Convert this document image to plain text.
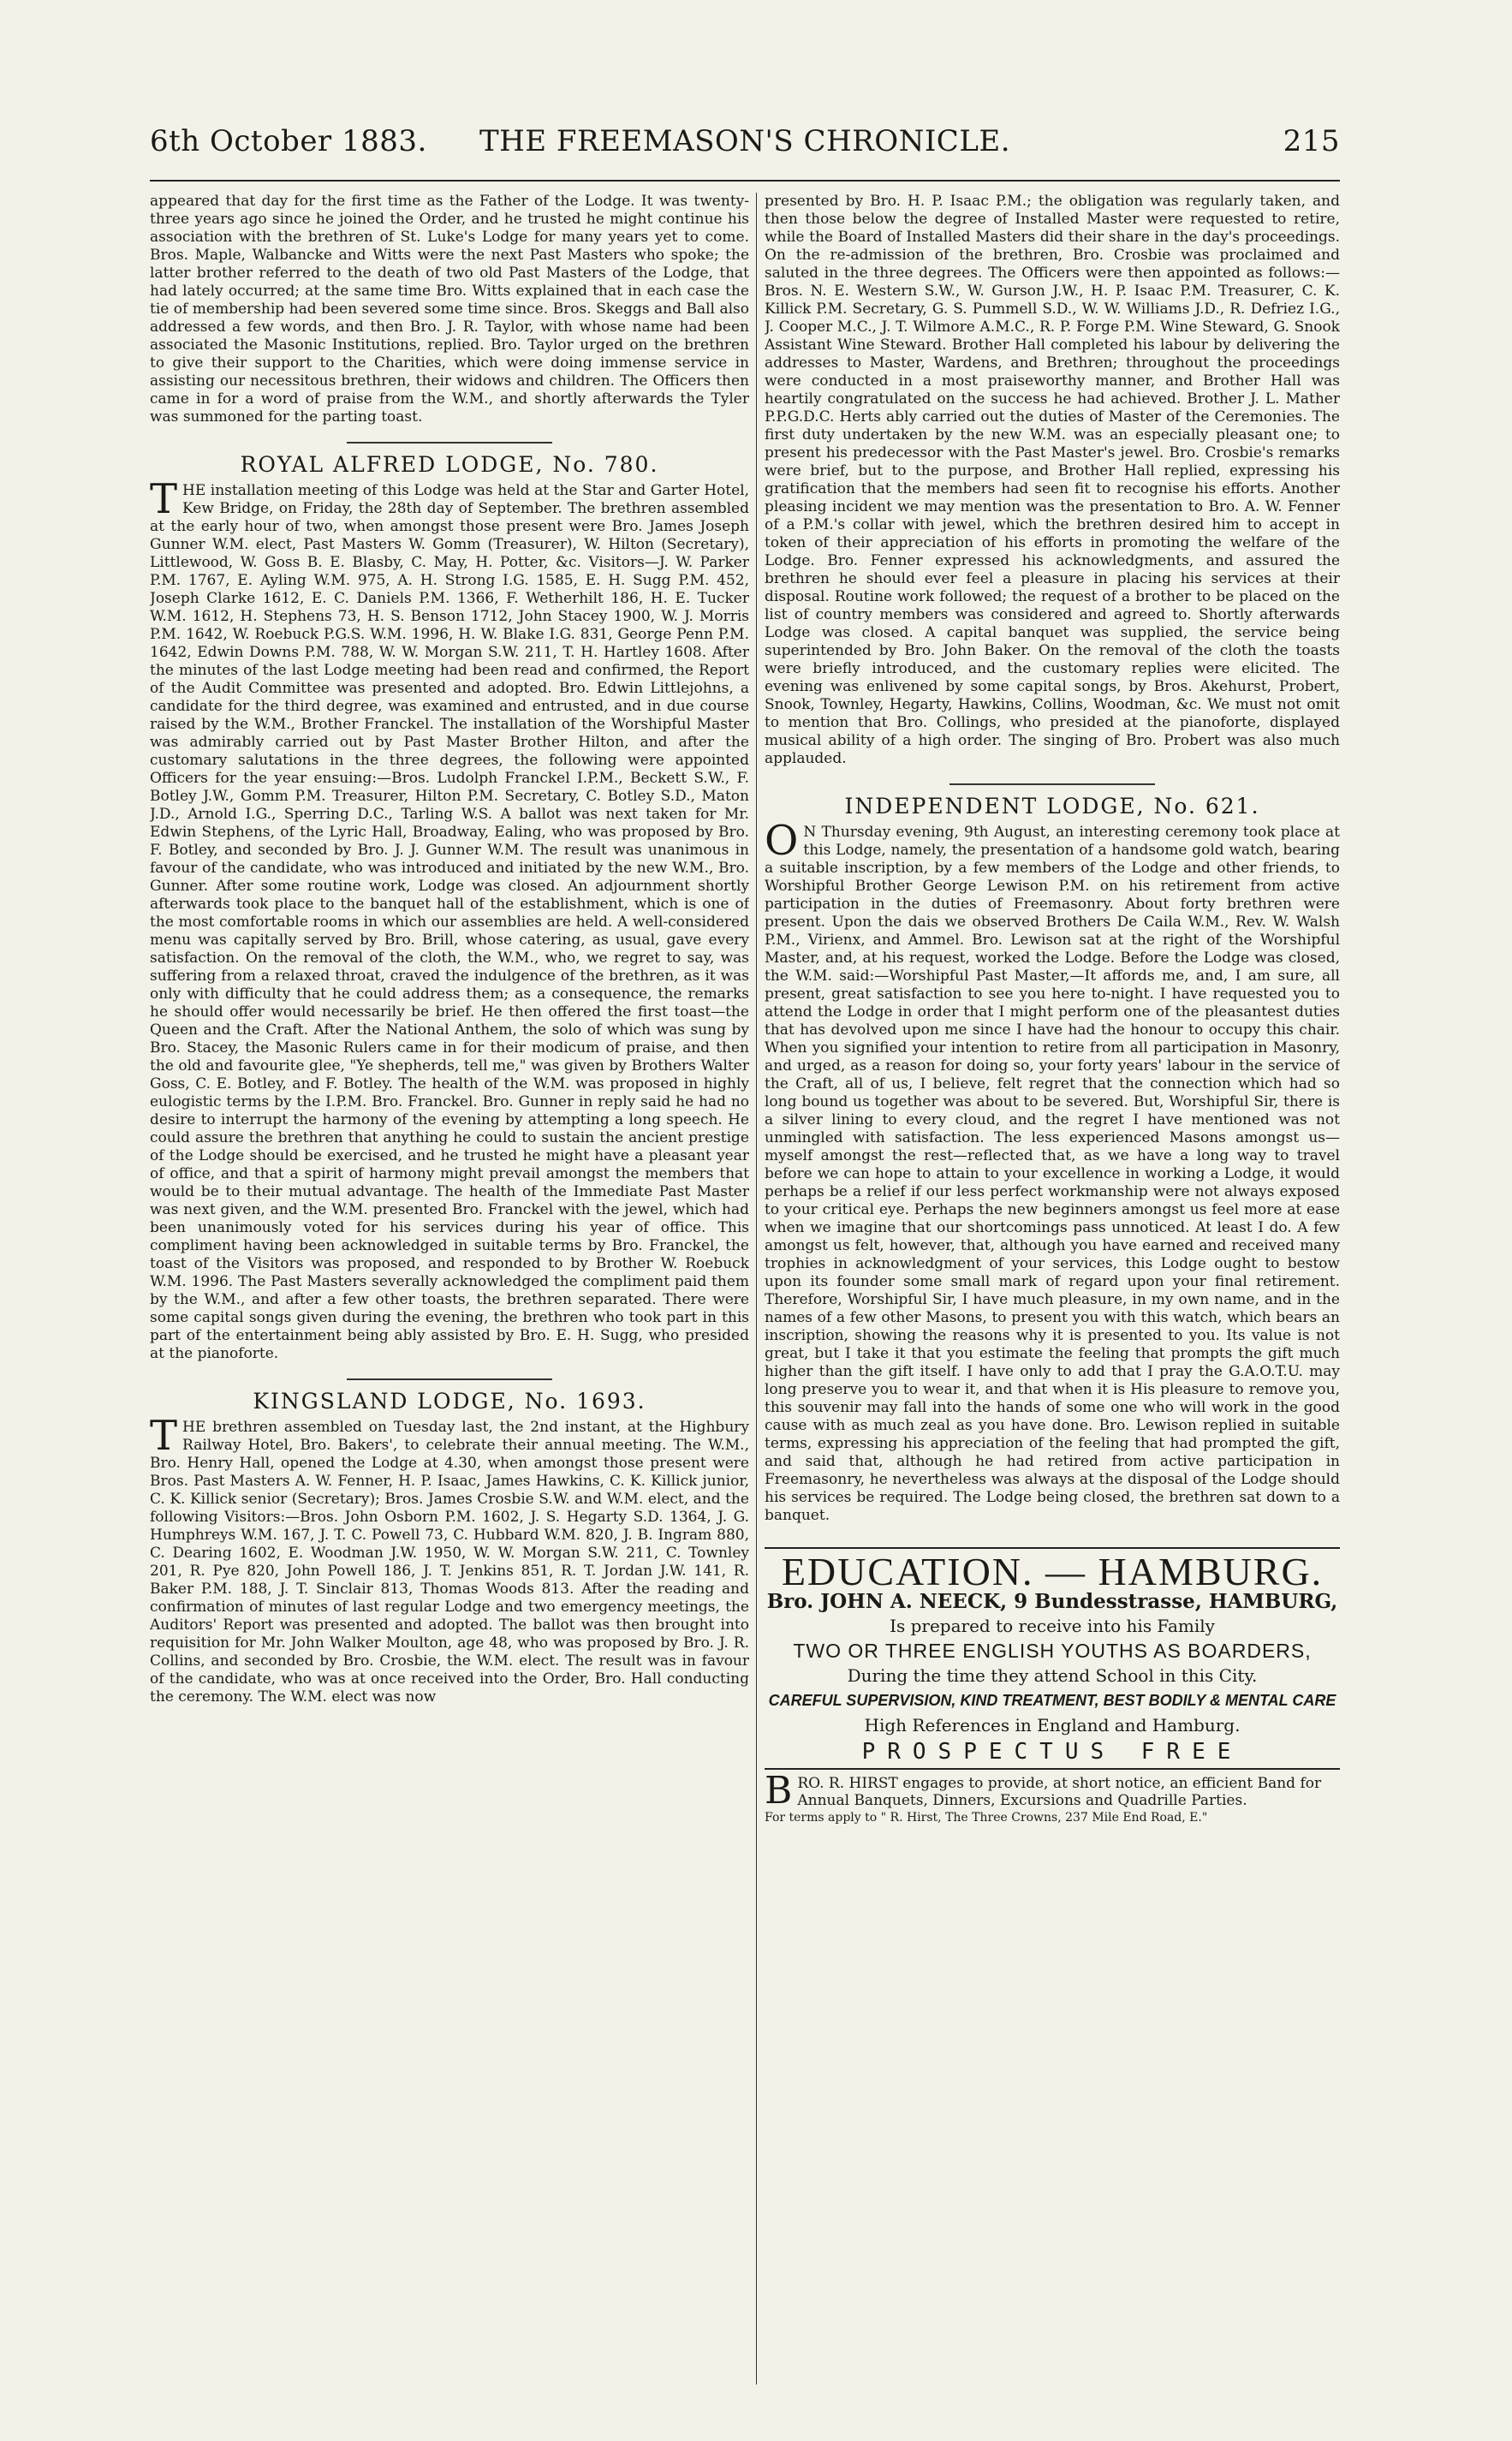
6th October 1883.	THE FREEMASON'S CHRONICLE.	215

appeared that day for the first time as the Father of the Lodge. It was twenty-three years ago since he joined the Order, and he trusted he might continue his association with the brethren of St. Luke's Lodge for many years yet to come. Bros. Maple, Walbancke and Witts were the next Past Masters who spoke; the latter brother referred to the death of two old Past Masters of the Lodge, that had lately occurred; at the same time Bro. Witts explained that in each case the tie of membership had been severed some time since. Bros. Skeggs and Ball also addressed a few words, and then Bro. J. R. Taylor, with whose name had been associated the Masonic Institutions, replied. Bro. Taylor urged on the brethren to give their support to the Charities, which were doing immense service in assisting our necessitous brethren, their widows and children. The Officers then came in for a word of praise from the W.M., and shortly afterwards the Tyler was summoned for the parting toast.

ROYAL ALFRED LODGE, No. 780.

THE installation meeting of this Lodge was held at the Star and Garter Hotel, Kew Bridge, on Friday, the 28th day of September. The brethren assembled at the early hour of two, when amongst those present were Bro. James Joseph Gunner W.M. elect, Past Masters W. Gomm (Treasurer), W. Hilton (Secretary), Littlewood, W. Goss B. E. Blasby, C. May, H. Potter, &c. Visitors—J. W. Parker P.M. 1767, E. Ayling W.M. 975, A. H. Strong I.G. 1585, E. H. Sugg P.M. 452, Joseph Clarke 1612, E. C. Daniels P.M. 1366, F. Wetherhilt 186, H. E. Tucker W.M. 1612, H. Stephens 73, H. S. Benson 1712, John Stacey 1900, W. J. Morris P.M. 1642, W. Roebuck P.G.S. W.M. 1996, H. W. Blake I.G. 831, George Penn P.M. 1642, Edwin Downs P.M. 788, W. W. Morgan S.W. 211, T. H. Hartley 1608. After the minutes of the last Lodge meeting had been read and confirmed, the Report of the Audit Committee was presented and adopted. Bro. Edwin Littlejohns, a candidate for the third degree, was examined and entrusted, and in due course raised by the W.M., Brother Franckel. The installation of the Worshipful Master was admirably carried out by Past Master Brother Hilton, and after the customary salutations in the three degrees, the following were appointed Officers for the year ensuing:—Bros. Ludolph Franckel I.P.M., Beckett S.W., F. Botley J.W., Gomm P.M. Treasurer, Hilton P.M. Secretary, C. Botley S.D., Maton J.D., Arnold I.G., Sperring D.C., Tarling W.S. A ballot was next taken for Mr. Edwin Stephens, of the Lyric Hall, Broadway, Ealing, who was proposed by Bro. F. Botley, and seconded by Bro. J. J. Gunner W.M. The result was unanimous in favour of the candidate, who was introduced and initiated by the new W.M., Bro. Gunner. After some routine work, Lodge was closed. An adjournment shortly afterwards took place to the banquet hall of the establishment, which is one of the most comfortable rooms in which our assemblies are held. A well-considered menu was capitally served by Bro. Brill, whose catering, as usual, gave every satisfaction. On the removal of the cloth, the W.M., who, we regret to say, was suffering from a relaxed throat, craved the indulgence of the brethren, as it was only with difficulty that he could address them; as a consequence, the remarks he should offer would necessarily be brief. He then offered the first toast—the Queen and the Craft. After the National Anthem, the solo of which was sung by Bro. Stacey, the Masonic Rulers came in for their modicum of praise, and then the old and favourite glee, "Ye shepherds, tell me," was given by Brothers Walter Goss, C. E. Botley, and F. Botley. The health of the W.M. was proposed in highly eulogistic terms by the I.P.M. Bro. Franckel. Bro. Gunner in reply said he had no desire to interrupt the harmony of the evening by attempting a long speech. He could assure the brethren that anything he could to sustain the ancient prestige of the Lodge should be exercised, and he trusted he might have a pleasant year of office, and that a spirit of harmony might prevail amongst the members that would be to their mutual advantage. The health of the Immediate Past Master was next given, and the W.M. presented Bro. Franckel with the jewel, which had been unanimously voted for his services during his year of office. This compliment having been acknowledged in suitable terms by Bro. Franckel, the toast of the Visitors was proposed, and responded to by Brother W. Roebuck W.M. 1996. The Past Masters severally acknowledged the compliment paid them by the W.M., and after a few other toasts, the brethren separated. There were some capital songs given during the evening, the brethren who took part in this part of the entertainment being ably assisted by Bro. E. H. Sugg, who presided at the pianoforte.

KINGSLAND LODGE, No. 1693.

THE brethren assembled on Tuesday last, the 2nd instant, at the Highbury Railway Hotel, Bro. Bakers', to celebrate their annual meeting. The W.M., Bro. Henry Hall, opened the Lodge at 4.30, when amongst those present were Bros. Past Masters A. W. Fenner, H. P. Isaac, James Hawkins, C. K. Killick junior, C. K. Killick senior (Secretary); Bros. James Crosbie S.W. and W.M. elect, and the following Visitors:—Bros. John Osborn P.M. 1602, J. S. Hegarty S.D. 1364, J. G. Humphreys W.M. 167, J. T. C. Powell 73, C. Hubbard W.M. 820, J. B. Ingram 880, C. Dearing 1602, E. Woodman J.W. 1950, W. W. Morgan S.W. 211, C. Townley 201, R. Pye 820, John Powell 186, J. T. Jenkins 851, R. T. Jordan J.W. 141, R. Baker P.M. 188, J. T. Sinclair 813, Thomas Woods 813. After the reading and confirmation of minutes of last regular Lodge and two emergency meetings, the Auditors' Report was presented and adopted. The ballot was then brought into requisition for Mr. John Walker Moulton, age 48, who was proposed by Bro. J. R. Collins, and seconded by Bro. Crosbie, the W.M. elect. The result was in favour of the candidate, who was at once received into the Order, Bro. Hall conducting the ceremony. The W.M. elect was now

presented by Bro. H. P. Isaac P.M.; the obligation was regularly taken, and then those below the degree of Installed Master were requested to retire, while the Board of Installed Masters did their share in the day's proceedings. On the re-admission of the brethren, Bro. Crosbie was proclaimed and saluted in the three degrees. The Officers were then appointed as follows:—Bros. N. E. Western S.W., W. Gurson J.W., H. P. Isaac P.M. Treasurer, C. K. Killick P.M. Secretary, G. S. Pummell S.D., W. W. Williams J.D., R. Defriez I.G., J. Cooper M.C., J. T. Wilmore A.M.C., R. P. Forge P.M. Wine Steward, G. Snook Assistant Wine Steward. Brother Hall completed his labour by delivering the addresses to Master, Wardens, and Brethren; throughout the proceedings were conducted in a most praiseworthy manner, and Brother Hall was heartily congratulated on the success he had achieved. Brother J. L. Mather P.P.G.D.C. Herts ably carried out the duties of Master of the Ceremonies. The first duty undertaken by the new W.M. was an especially pleasant one; to present his predecessor with the Past Master's jewel. Bro. Crosbie's remarks were brief, but to the purpose, and Brother Hall replied, expressing his gratification that the members had seen fit to recognise his efforts. Another pleasing incident we may mention was the presentation to Bro. A. W. Fenner of a P.M.'s collar with jewel, which the brethren desired him to accept in token of their appreciation of his efforts in promoting the welfare of the Lodge. Bro. Fenner expressed his acknowledgments, and assured the brethren he should ever feel a pleasure in placing his services at their disposal. Routine work followed; the request of a brother to be placed on the list of country members was considered and agreed to. Shortly afterwards Lodge was closed. A capital banquet was supplied, the service being superintended by Bro. John Baker. On the removal of the cloth the toasts were briefly introduced, and the customary replies were elicited. The evening was enlivened by some capital songs, by Bros. Akehurst, Probert, Snook, Townley, Hegarty, Hawkins, Collins, Woodman, &c. We must not omit to mention that Bro. Collings, who presided at the pianoforte, displayed musical ability of a high order. The singing of Bro. Probert was also much applauded.

INDEPENDENT LODGE, No. 621.

ON Thursday evening, 9th August, an interesting ceremony took place at this Lodge, namely, the presentation of a handsome gold watch, bearing a suitable inscription, by a few members of the Lodge and other friends, to Worshipful Brother George Lewison P.M. on his retirement from active participation in the duties of Freemasonry. About forty brethren were present. Upon the dais we observed Brothers De Caila W.M., Rev. W. Walsh P.M., Virienx, and Ammel. Bro. Lewison sat at the right of the Worshipful Master, and, at his request, worked the Lodge. Before the Lodge was closed, the W.M. said:—Worshipful Past Master,—It affords me, and, I am sure, all present, great satisfaction to see you here to-night. I have requested you to attend the Lodge in order that I might perform one of the pleasantest duties that has devolved upon me since I have had the honour to occupy this chair. When you signified your intention to retire from all participation in Masonry, and urged, as a reason for doing so, your forty years' labour in the service of the Craft, all of us, I believe, felt regret that the connection which had so long bound us together was about to be severed. But, Worshipful Sir, there is a silver lining to every cloud, and the regret I have mentioned was not unmingled with satisfaction. The less experienced Masons amongst us—myself amongst the rest—reflected that, as we have a long way to travel before we can hope to attain to your excellence in working a Lodge, it would perhaps be a relief if our less perfect workmanship were not always exposed to your critical eye. Perhaps the new beginners amongst us feel more at ease when we imagine that our shortcomings pass unnoticed. At least I do. A few amongst us felt, however, that, although you have earned and received many trophies in acknowledgment of your services, this Lodge ought to bestow upon its founder some small mark of regard upon your final retirement. Therefore, Worshipful Sir, I have much pleasure, in my own name, and in the names of a few other Masons, to present you with this watch, which bears an inscription, showing the reasons why it is presented to you. Its value is not great, but I take it that you estimate the feeling that prompts the gift much higher than the gift itself. I have only to add that I pray the G.A.O.T.U. may long preserve you to wear it, and that when it is His pleasure to remove you, this souvenir may fall into the hands of some one who will work in the good cause with as much zeal as you have done. Bro. Lewison replied in suitable terms, expressing his appreciation of the feeling that had prompted the gift, and said that, although he had retired from active participation in Freemasonry, he nevertheless was always at the disposal of the Lodge should his services be required. The Lodge being closed, the brethren sat down to a banquet.

EDUCATION. — HAMBURG.
Bro. JOHN A. NEECK, 9 Bundesstrasse, HAMBURG,
Is prepared to receive into his Family
TWO OR THREE ENGLISH YOUTHS AS BOARDERS,
During the time they attend School in this City.
CAREFUL SUPERVISION, KIND TREATMENT, BEST BODILY & MENTAL CARE
High References in England and Hamburg.
PROSPECTUS FREE
B RO. R. HIRST engages to provide, at short notice, an efficient Band for Annual Banquets, Dinners, Excursions and Quadrille Parties.
For terms apply to " R. Hirst, The Three Crowns, 237 Mile End Road, E."
